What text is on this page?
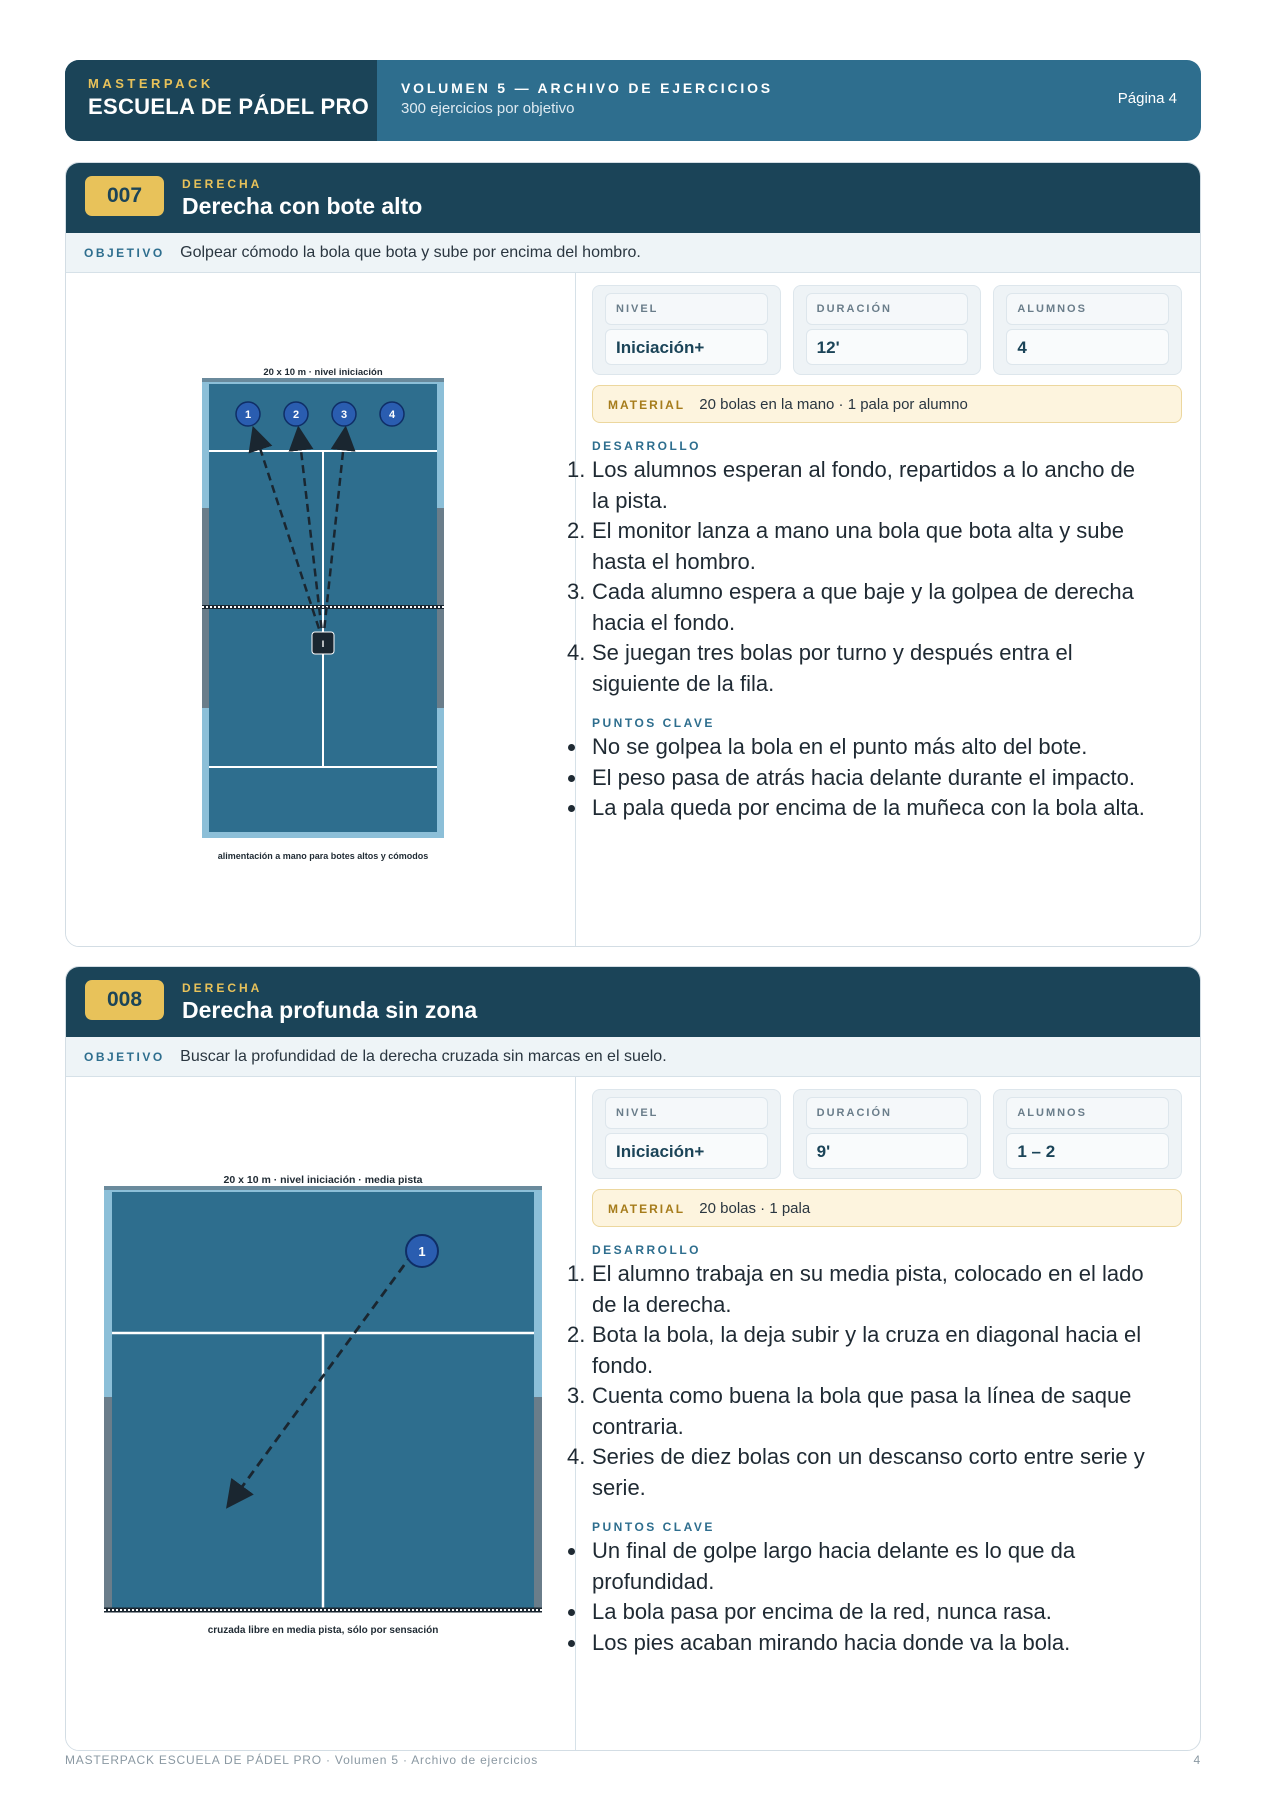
MASTERPACK
ESCUELA DE PÁDEL PRO
VOLUMEN 5 — ARCHIVO DE EJERCICIOS
300 ejercicios por objetivo
Página 4
007	DERECHA
Derecha con bote alto
OBJETIVO Golpear cómodo la bola que bota y sube por encima del hombro.
20 x 10 m · nivel iniciación
1	2	3	4
I
alimentación a mano para botes altos y cómodos
NIVEL
Iniciación+
DURACIÓN
12'
ALUMNOS
4
MATERIAL 20 bolas en la mano · 1 pala por alumno
DESARROLLO
1. Los alumnos esperan al fondo, repartidos a lo ancho de
la pista.
2. El monitor lanza a mano una bola que bota alta y sube
hasta el hombro.
3. Cada alumno espera a que baje y la golpea de derecha
hacia el fondo.
4. Se juegan tres bolas por turno y después entra el
siguiente de la fila.
PUNTOS CLAVE
No se golpea la bola en el punto más alto del bote.
El peso pasa de atrás hacia delante durante el impacto.
La pala queda por encima de la muñeca con la bola alta.
008	DERECHA
Derecha profunda sin zona
OBJETIVO Buscar la profundidad de la derecha cruzada sin marcas en el suelo.
20 x 10 m · nivel iniciación · media pista
1
cruzada libre en media pista, sólo por sensación
NIVEL
Iniciación+
DURACIÓN
9'
ALUMNOS
1 – 2
MATERIAL 20 bolas · 1 pala
DESARROLLO
1. El alumno trabaja en su media pista, colocado en el lado
de la derecha.
2. Bota la bola, la deja subir y la cruza en diagonal hacia el
fondo.
3. Cuenta como buena la bola que pasa la línea de saque
contraria.
4. Series de diez bolas con un descanso corto entre serie y
serie.
PUNTOS CLAVE
Un final de golpe largo hacia delante es lo que da
profundidad.
La bola pasa por encima de la red, nunca rasa.
Los pies acaban mirando hacia donde va la bola.
MASTERPACK ESCUELA DE PÁDEL PRO · Volumen 5 · Archivo de ejercicios	4
